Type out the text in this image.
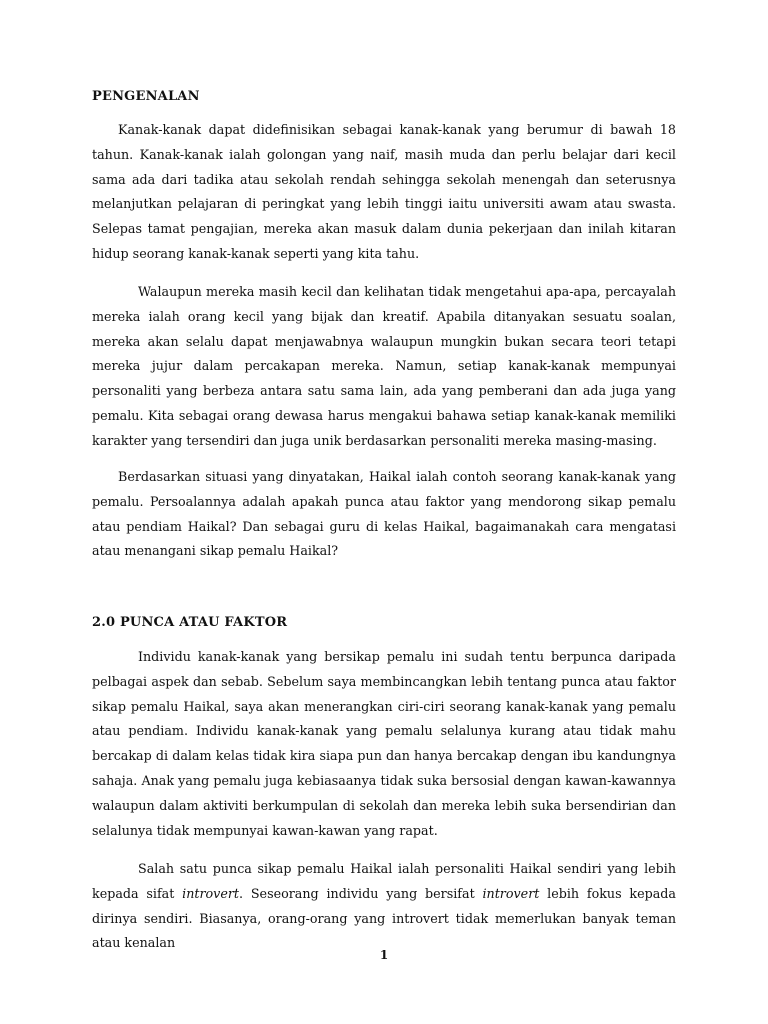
PENGENALAN

Kanak-kanak dapat didefinisikan sebagai kanak-kanak yang berumur di bawah 18 tahun. Kanak-kanak ialah golongan yang naif, masih muda dan perlu belajar dari kecil sama ada dari tadika atau sekolah rendah sehingga sekolah menengah dan seterusnya melanjutkan pelajaran di peringkat yang lebih tinggi iaitu universiti awam atau swasta. Selepas tamat pengajian, mereka akan masuk dalam dunia pekerjaan dan inilah kitaran hidup seorang kanak-kanak seperti yang kita tahu.

Walaupun mereka masih kecil dan kelihatan tidak mengetahui apa-apa, percayalah mereka ialah orang kecil yang bijak dan kreatif. Apabila ditanyakan sesuatu soalan, mereka akan selalu dapat menjawabnya walaupun mungkin bukan secara teori tetapi mereka jujur dalam percakapan mereka. Namun, setiap kanak-kanak mempunyai personaliti yang berbeza antara satu sama lain, ada yang pemberani dan ada juga yang pemalu. Kita sebagai orang dewasa harus mengakui bahawa setiap kanak-kanak memiliki karakter yang tersendiri dan juga unik berdasarkan personaliti mereka masing-masing.

Berdasarkan situasi yang dinyatakan, Haikal ialah contoh seorang kanak-kanak yang pemalu. Persoalannya adalah apakah punca atau faktor yang mendorong sikap pemalu atau pendiam Haikal? Dan sebagai guru di kelas Haikal, bagaimanakah cara mengatasi atau menangani sikap pemalu Haikal?

2.0 PUNCA ATAU FAKTOR

Individu kanak-kanak yang bersikap pemalu ini sudah tentu berpunca daripada pelbagai aspek dan sebab. Sebelum saya membincangkan lebih tentang punca atau faktor sikap pemalu Haikal, saya akan menerangkan ciri-ciri seorang kanak-kanak yang pemalu atau pendiam. Individu kanak-kanak yang pemalu selalunya kurang atau tidak mahu bercakap di dalam kelas tidak kira siapa pun dan hanya bercakap dengan ibu kandungnya sahaja. Anak yang pemalu juga kebiasaanya tidak suka bersosial dengan kawan-kawannya walaupun dalam aktiviti berkumpulan di sekolah dan mereka lebih suka bersendirian dan selalunya tidak mempunyai kawan-kawan yang rapat.

Salah satu punca sikap pemalu Haikal ialah personaliti Haikal sendiri yang lebih kepada sifat introvert. Seseorang individu yang bersifat introvert lebih fokus kepada dirinya sendiri. Biasanya, orang-orang yang introvert tidak memerlukan banyak teman atau kenalan

1
